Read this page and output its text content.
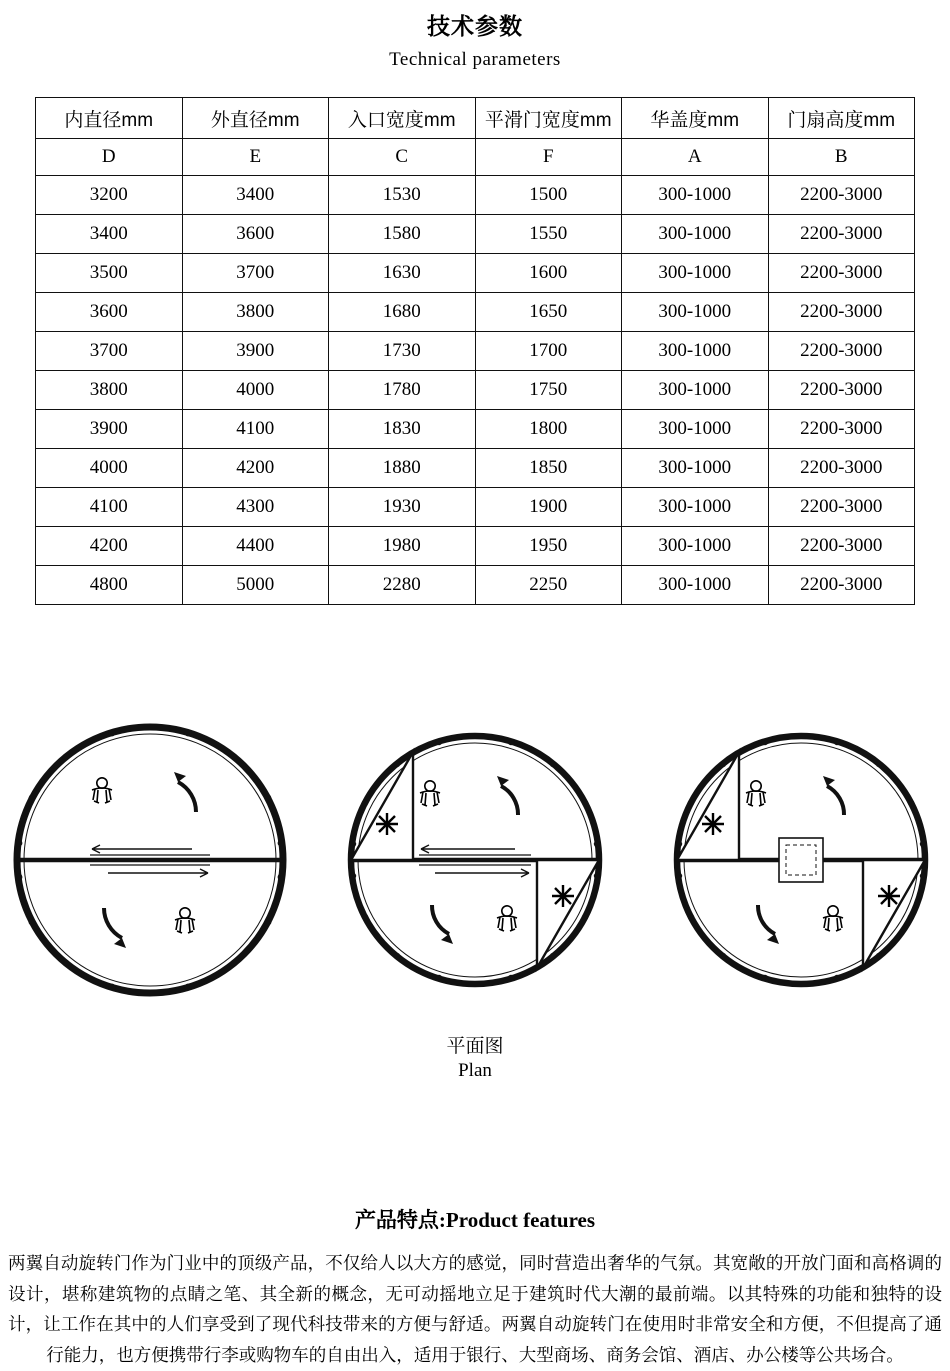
技术参数
Technical parameters
内直径mm	外直径mm	入口宽度mm	平滑门宽度mm	华盖度mm	门扇高度mm
D	E	C	F	A	B
3200	3400	1530	1500	300-1000	2200-3000
3400	3600	1580	1550	300-1000	2200-3000
3500	3700	1630	1600	300-1000	2200-3000
3600	3800	1680	1650	300-1000	2200-3000
3700	3900	1730	1700	300-1000	2200-3000
3800	4000	1780	1750	300-1000	2200-3000
3900	4100	1830	1800	300-1000	2200-3000
4000	4200	1880	1850	300-1000	2200-3000
4100	4300	1930	1900	300-1000	2200-3000
4200	4400	1980	1950	300-1000	2200-3000
4800	5000	2280	2250	300-1000	2200-3000
平面图
Plan
产品特点:Product features
两翼自动旋转门作为门业中的顶级产品，不仅给人以大方的感觉，同时营造出奢华的气氛。其宽敞的开放门面和高格调的设计，堪称建筑物的点睛之笔、其全新的概念，无可动摇地立足于建筑时代大潮的最前端。以其特殊的功能和独特的设计，让工作在其中的人们享受到了现代科技带来的方便与舒适。两翼自动旋转门在使用时非常安全和方便，不但提高了通行能力，也方便携带行李或购物车的自由出入，适用于银行、大型商场、商务会馆、酒店、办公楼等公共场合。
